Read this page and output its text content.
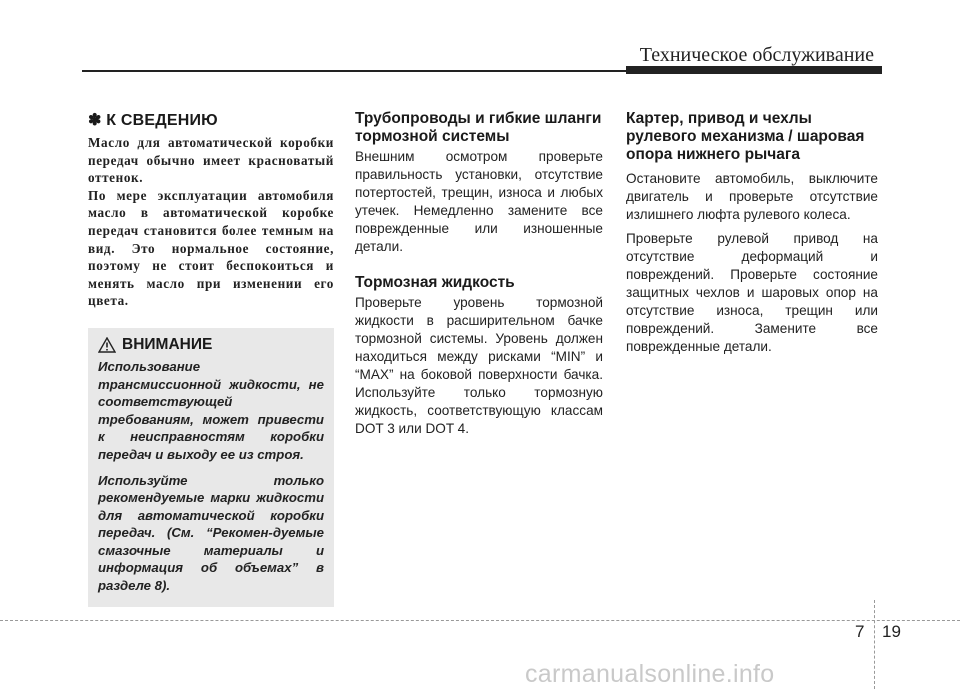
Техническое обслуживание
✽ К СВЕДЕНИЮ

Масло для автоматической коробки передач обычно имеет красноватый оттенок.

По мере эксплуатации автомобиля масло в автоматической коробке передач становится более темным на вид. Это нормальное состояние, поэтому не стоит беспокоиться и менять масло при изменении его цвета.

ВНИМАНИЕ

Использование трансмиссионной жидкости, не соответствующей требованиям, может привести к неисправностям коробки передач и выходу ее из строя.

Используйте только рекомендуемые марки жидкости для автоматической коробки передач. (См. “Рекомен-дуемые смазочные материалы и информация об объемах” в разделе 8).

Трубопроводы и гибкие шланги тормозной системы

Внешним осмотром проверьте правильность установки, отсутствие потертостей, трещин, износа и любых утечек. Немедленно замените все поврежденные или изношенные детали.

Тормозная жидкость

Проверьте уровень тормозной жидкости в расширительном бачке тормозной системы. Уровень должен находиться между рисками “MIN” и “MAX” на боковой поверхности бачка. Используйте только тормозную жидкость, соответствующую классам DOT 3 или DOT 4.

Картер, привод и чехлы рулевого механизма / шаровая опора нижнего рычага

Остановите автомобиль, выключите двигатель и проверьте отсутствие излишнего люфта рулевого колеса.

Проверьте рулевой привод на отсутствие деформаций и повреждений. Проверьте состояние защитных чехлов и шаровых опор на отсутствие износа, трещин или повреждений. Замените все поврежденные детали.

7 19
carmanualsonline.info
